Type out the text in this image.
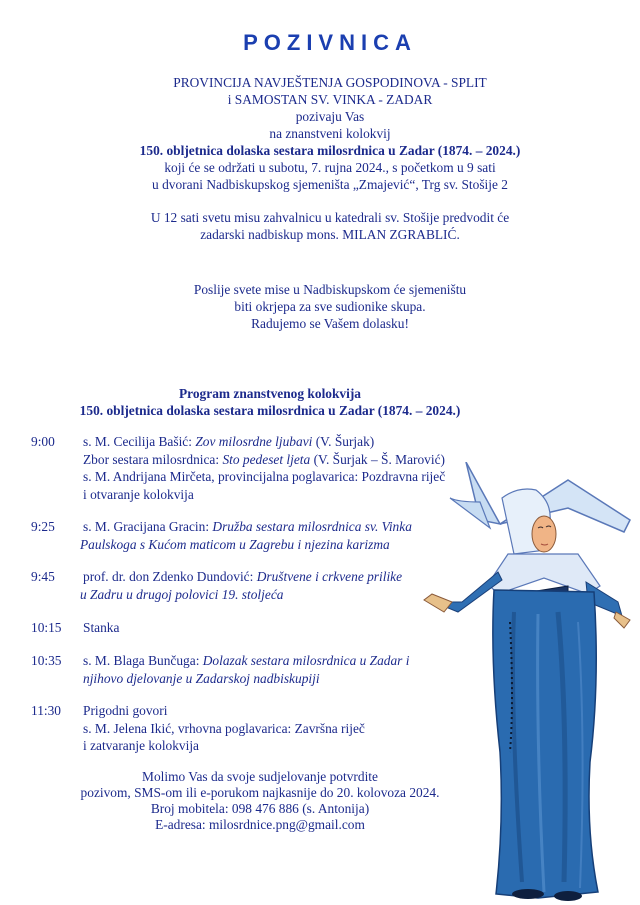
POZIVNICA
PROVINCIJA NAVJEŠTENJA GOSPODINOVA - SPLIT
i SAMOSTAN SV. VINKA - ZADAR
pozivaju Vas
na znanstveni kolokvij
150. obljetnica dolaska sestara milosrdnica u Zadar (1874. – 2024.)
koji će se održati u subotu, 7. rujna 2024., s početkom u 9 sati
u dvorani Nadbiskupskog sjemeništa „Zmajević“, Trg sv. Stošije 2
U 12 sati svetu misu zahvalnicu u katedrali sv. Stošije predvodit će
zadarski nadbiskup mons. MILAN ZGRABLIĆ.
Poslije svete mise u Nadbiskupskom će sjemeništu
biti okrjepa za sve sudionike skupa.
Radujemo se Vašem dolasku!
Program znanstvenog kolokvija
150. obljetnica dolaska sestara milosrdnica u Zadar (1874. – 2024.)
9:00 s. M. Cecilija Bašić: Zov milosrdne ljubavi (V. Šurjak)
Zbor sestara milosrdnica: Sto pedeset ljeta (V. Šurjak – Š. Marović)
s. M. Andrijana Mirčeta, provincijalna poglavarica: Pozdravna riječ
i otvaranje kolokvija
9:25 s. M. Gracijana Gracin: Družba sestara milosrdnica sv. Vinka
Paulskoga s Kućom maticom u Zagrebu i njezina karizma
9:45 prof. dr. don Zdenko Dundović: Društvene i crkvene prilike
u Zadru u drugoj polovici 19. stoljeća
10:15 Stanka
10:35 s. M. Blaga Bunčuga: Dolazak sestara milosrdnica u Zadar i
njihovo djelovanje u Zadarskoj nadbiskupiji
11:30 Prigodni govori
s. M. Jelena Ikić, vrhovna poglavarica: Završna riječ
i zatvaranje kolokvija
Molimo Vas da svoje sudjelovanje potvrdite
pozivom, SMS-om ili e-porukom najkasnije do 20. kolovoza 2024.
Broj mobitela: 098 476 886 (s. Antonija)
E-adresa: milosrdnice.png@gmail.com
